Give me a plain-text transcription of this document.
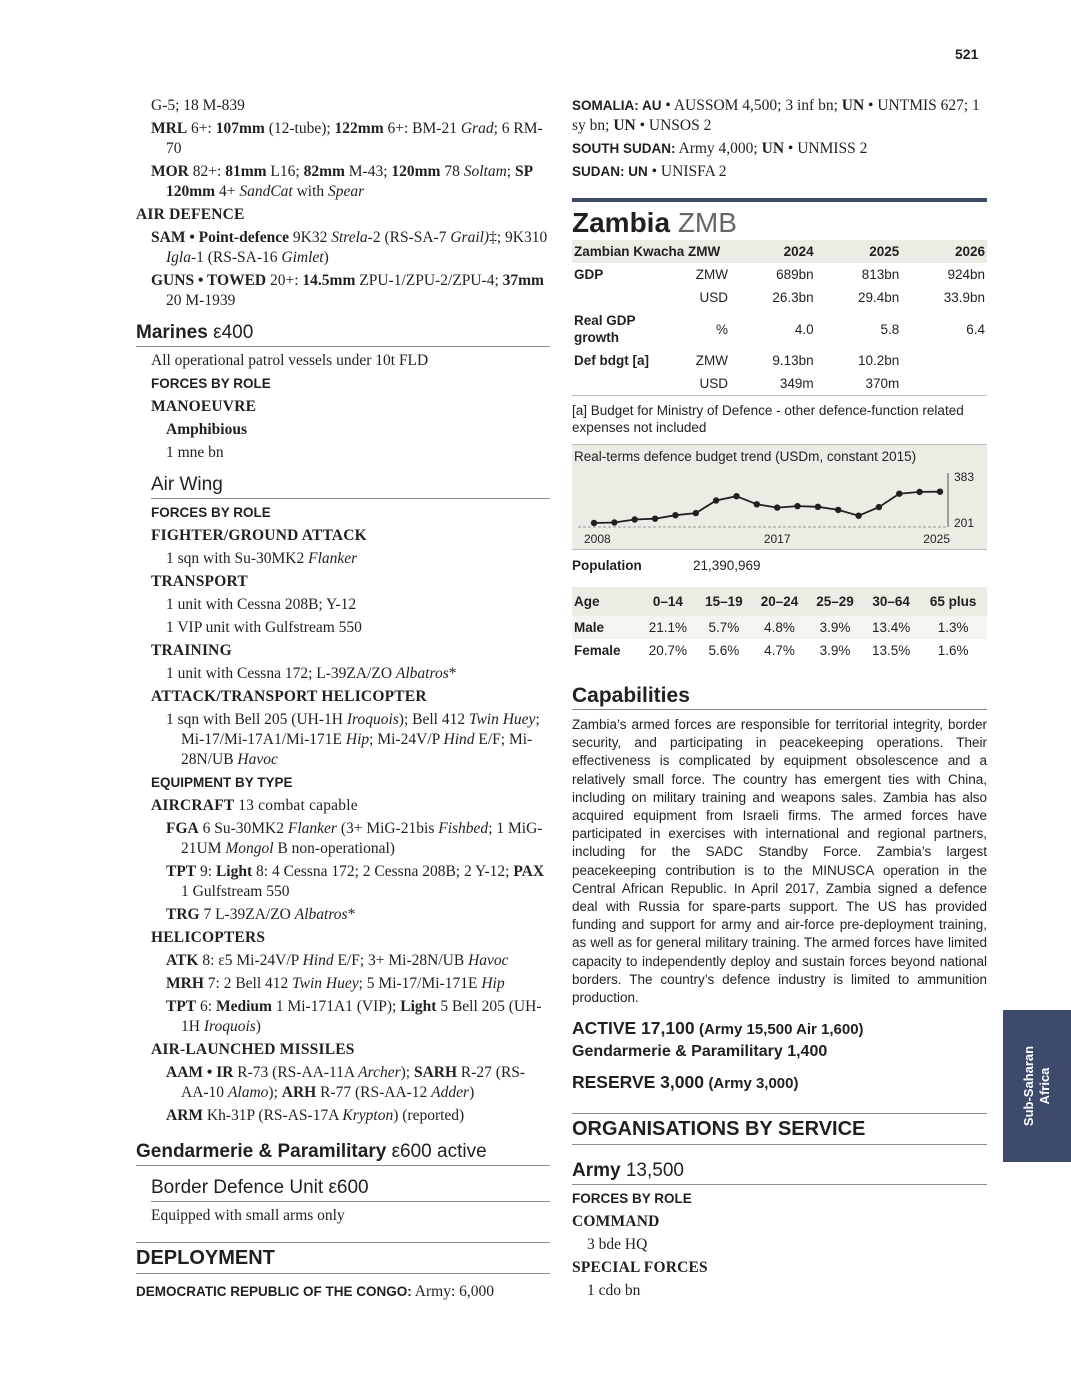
521
G-5; 18 M-839
MRL 6+: 107mm (12-tube); 122mm 6+: BM-21 Grad; 6 RM-70
MOR 82+: 81mm L16; 82mm M-43; 120mm 78 Soltam; SP 120mm 4+ SandCat with Spear
AIR DEFENCE
SAM • Point-defence 9K32 Strela-2 (RS-SA-7 Grail)‡; 9K310 Igla-1 (RS-SA-16 Gimlet)
GUNS • TOWED 20+: 14.5mm ZPU-1/ZPU-2/ZPU-4; 37mm 20 M-1939
Marines ε400
All operational patrol vessels under 10t FLD
FORCES BY ROLE
MANOEUVRE
Amphibious
1 mne bn
Air Wing
FORCES BY ROLE
FIGHTER/GROUND ATTACK
1 sqn with Su-30MK2 Flanker
TRANSPORT
1 unit with Cessna 208B; Y-12
1 VIP unit with Gulfstream 550
TRAINING
1 unit with Cessna 172; L-39ZA/ZO Albatros*
ATTACK/TRANSPORT HELICOPTER
1 sqn with Bell 205 (UH-1H Iroquois); Bell 412 Twin Huey; Mi-17/Mi-17A1/Mi-171E Hip; Mi-24V/P Hind E/F; Mi-28N/UB Havoc
EQUIPMENT BY TYPE
AIRCRAFT 13 combat capable
FGA 6 Su-30MK2 Flanker (3+ MiG-21bis Fishbed; 1 MiG-21UM Mongol B non-operational)
TPT 9: Light 8: 4 Cessna 172; 2 Cessna 208B; 2 Y-12; PAX 1 Gulfstream 550
TRG 7 L-39ZA/ZO Albatros*
HELICOPTERS
ATK 8: ε5 Mi-24V/P Hind E/F; 3+ Mi-28N/UB Havoc
MRH 7: 2 Bell 412 Twin Huey; 5 Mi-17/Mi-171E Hip
TPT 6: Medium 1 Mi-171A1 (VIP); Light 5 Bell 205 (UH-1H Iroquois)
AIR-LAUNCHED MISSILES
AAM • IR R-73 (RS-AA-11A Archer); SARH R-27 (RS-AA-10 Alamo); ARH R-77 (RS-AA-12 Adder)
ARM Kh-31P (RS-AS-17A Krypton) (reported)
Gendarmerie & Paramilitary ε600 active
Border Defence Unit ε600
Equipped with small arms only
DEPLOYMENT
DEMOCRATIC REPUBLIC OF THE CONGO: Army: 6,000
SOMALIA: AU • AUSSOM 4,500; 3 inf bn; UN • UNTMIS 627; 1 sy bn; UN • UNSOS 2
SOUTH SUDAN: Army 4,000; UN • UNMISS 2
SUDAN: UN • UNISFA 2
Zambia ZMB
Zambian Kwacha ZMW		2024	2025	2026
GDP	ZMW	689bn	813bn	924bn
	USD	26.3bn	29.4bn	33.9bn
Real GDP growth	%	4.0	5.8	6.4
Def bdgt [a]	ZMW	9.13bn	10.2bn	
	USD	349m	370m	
[a] Budget for Ministry of Defence - other defence-function related expenses not included
Real-terms defence budget trend (USDm, constant 2015)
2008	2017	2025
383
201
Population	21,390,969
Age	0–14	15–19	20–24	25–29	30–64	65 plus
Male	21.1%	5.7%	4.8%	3.9%	13.4%	1.3%
Female	20.7%	5.6%	4.7%	3.9%	13.5%	1.6%
Capabilities
Zambia’s armed forces are responsible for territorial integrity, border security, and participating in peacekeeping operations. Their effectiveness is complicated by equipment obsolescence and a relatively small force. The country has emergent ties with China, including on military training and weapons sales. Zambia has also acquired equipment from Israeli firms. The armed forces have participated in exercises with international and regional partners, including for the SADC Standby Force. Zambia’s largest peacekeeping contribution is to the MINUSCA operation in the Central African Republic. In April 2017, Zambia signed a defence deal with Russia for spare-parts support. The US has provided funding and support for army and air-force pre-deployment training, as well as for general military training. The armed forces have limited capacity to independently deploy and sustain forces beyond national borders. The country’s defence industry is limited to ammunition production.
ACTIVE 17,100 (Army 15,500 Air 1,600)
Gendarmerie & Paramilitary 1,400
RESERVE 3,000 (Army 3,000)
ORGANISATIONS BY SERVICE
Army 13,500
FORCES BY ROLE
COMMAND
3 bde HQ
SPECIAL FORCES
1 cdo bn
Sub-Saharan
Africa
